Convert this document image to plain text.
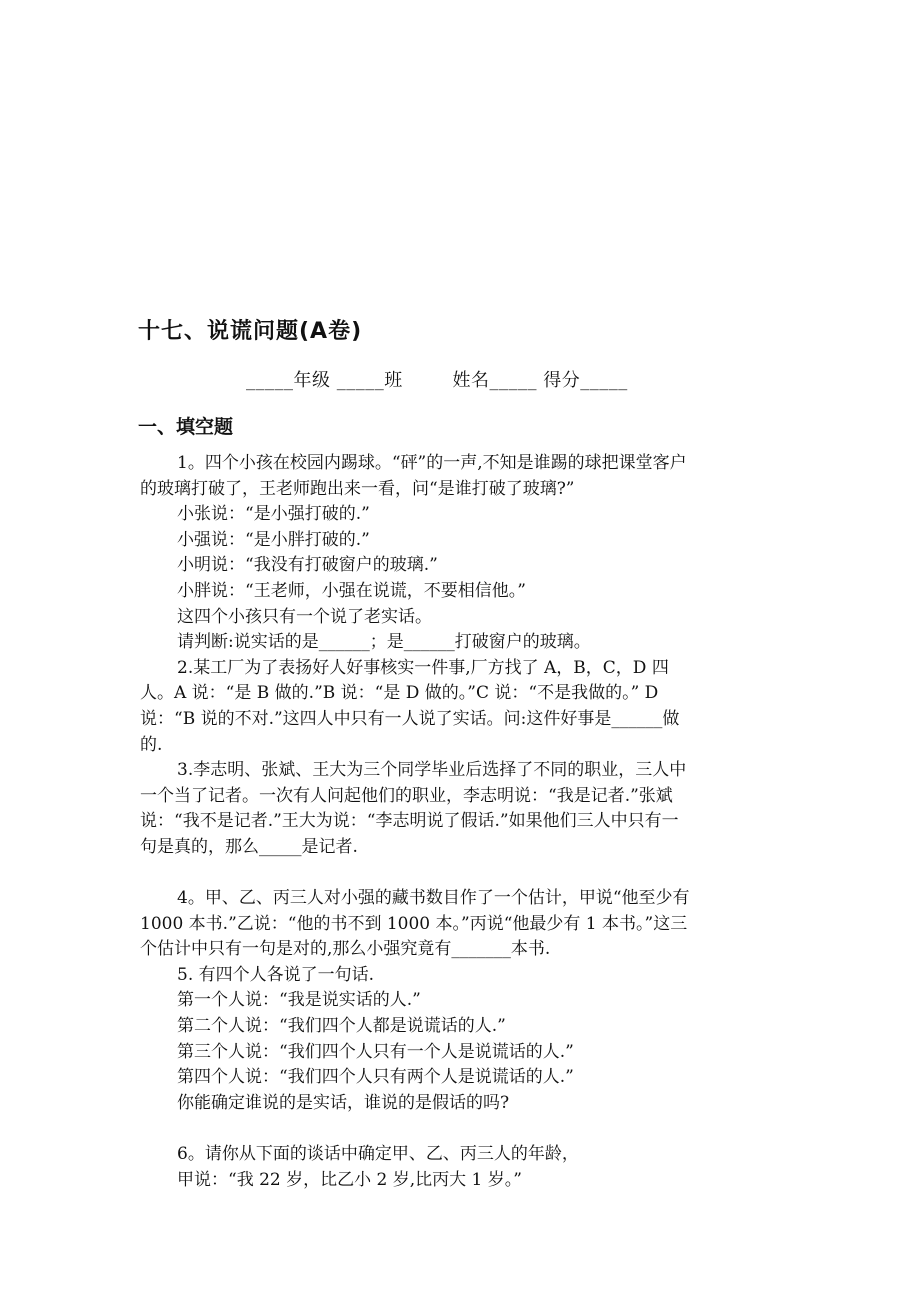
十七、说谎问题(A卷)
_____年级 _____班        姓名_____ 得分_____
一、填空题

1。四个小孩在校园内踢球。“砰”的一声,不知是谁踢的球把课堂客户的玻璃打破了，王老师跑出来一看，问“是谁打破了玻璃?”

小张说：“是小强打破的.”

小强说：“是小胖打破的.”

小明说：“我没有打破窗户的玻璃.”

小胖说：“王老师，小强在说谎，不要相信他。”

这四个小孩只有一个说了老实话。

请判断:说实话的是______；是______打破窗户的玻璃。

2.某工厂为了表扬好人好事核实一件事,厂方找了 A，B，C，D 四人。A 说：“是 B 做的.”B 说：“是 D 做的。”C 说：“不是我做的。” D 说：“B 说的不对.”这四人中只有一人说了实话。问:这件好事是______做的.

3.李志明、张斌、王大为三个同学毕业后选择了不同的职业，三人中一个当了记者。一次有人问起他们的职业，李志明说：“我是记者.”张斌说：“我不是记者.”王大为说：“李志明说了假话.”如果他们三人中只有一句是真的，那么_____是记者.

4。甲、乙、丙三人对小强的藏书数目作了一个估计，甲说“他至少有 1000 本书.”乙说：“他的书不到 1000 本。”丙说“他最少有 1 本书。”这三个估计中只有一句是对的,那么小强究竟有_______本书.

5. 有四个人各说了一句话.

第一个人说：“我是说实话的人.”

第二个人说：“我们四个人都是说谎话的人.”

第三个人说：“我们四个人只有一个人是说谎话的人.”

第四个人说：“我们四个人只有两个人是说谎话的人.”

你能确定谁说的是实话，谁说的是假话的吗?

6。请你从下面的谈话中确定甲、乙、丙三人的年龄，

甲说：“我 22 岁，比乙小 2 岁,比丙大 1 岁。”
